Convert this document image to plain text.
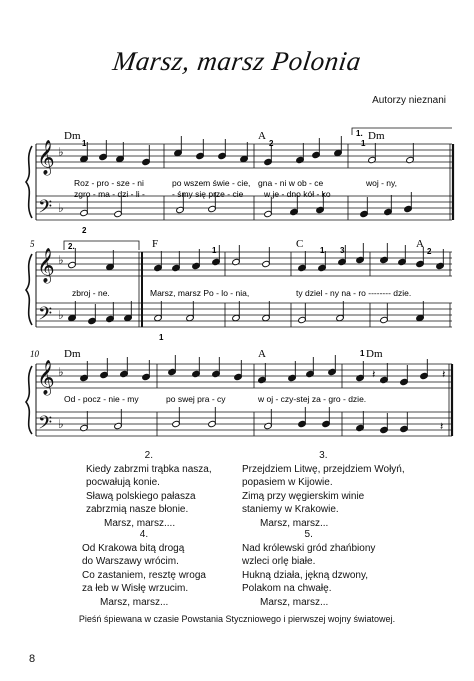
Marsz, marsz Polonia
Autorzy nieznani
𝄞
𝄢
♭
♭
𝄞
𝄢
♭
♭
𝄞
𝄢
♭
♭
𝄽	𝄽
𝄽
1.
2.
Dm
1
A
2
Dm
1
2
5	F
1
C
1 3
A
2
1
10 Dm	A	Dm
1
Roz - pro - sze - ni	po wszem świe - cie, gna - ni w ob - ce	woj - ny,
zgro - ma - dzi - li -	- śmy się prze - cie w je - dno kół - ko
zbroj - ne.	Marsz, marsz Po - lo - nia,	ty dziel - ny na - ro -------- dzie.
Od - pocz - nie - my	po swej pra - cy	w oj - czy-stej za - gro - dzie.
2.
Kiedy zabrzmi trąbka nasza,
pocwałują konie.
Sławą polskiego pałasza
zabrzmią nasze błonie.
Marsz, marsz....
3.
Przejdziem Litwę, przejdziem Wołyń,
popasiem w Kijowie.
Zimą przy węgierskim winie
staniemy w Krakowie.
Marsz, marsz...
4.
Od Krakowa bitą drogą
do Warszawy wrócim.
Co zastaniem, resztę wroga
za łeb w Wisłę wrzucim.
Marsz, marsz...
5.
Nad królewski gród zhańbiony
wzleci orlę białe.
Hukną działa, jękną dzwony,
Polakom na chwałę.
Marsz, marsz...
Pieśń śpiewana w czasie Powstania Styczniowego i pierwszej wojny światowej.
8
